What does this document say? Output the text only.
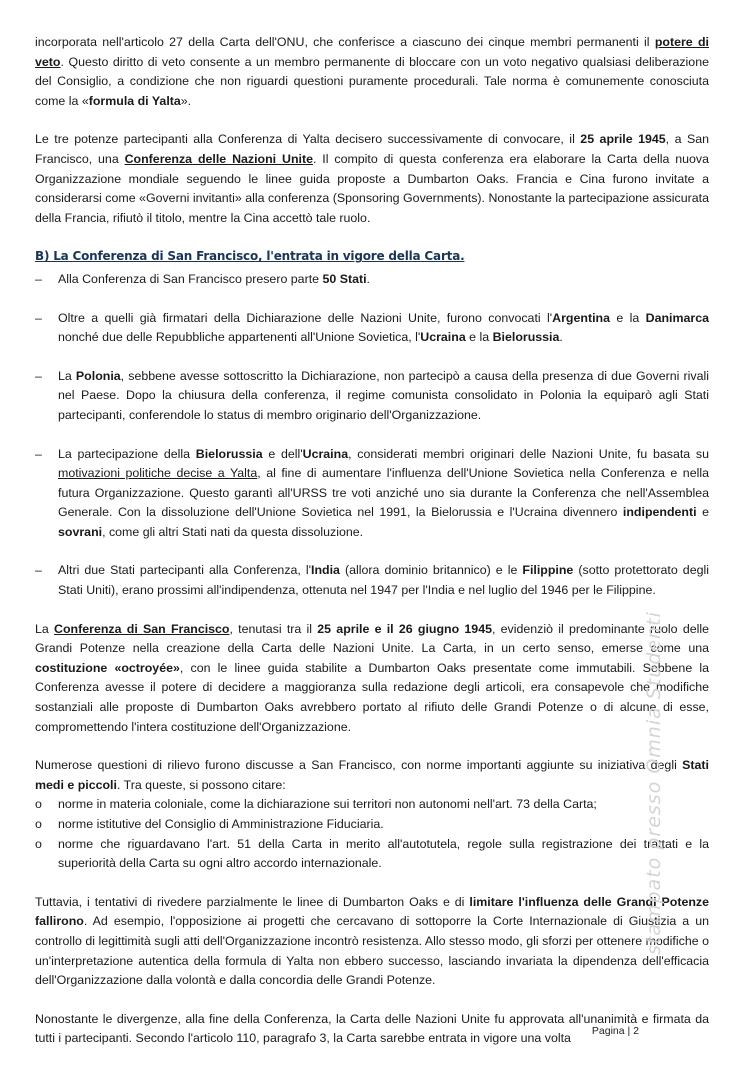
incorporata nell'articolo 27 della Carta dell'ONU, che conferisce a ciascuno dei cinque membri permanenti il potere di veto. Questo diritto di veto consente a un membro permanente di bloccare con un voto negativo qualsiasi deliberazione del Consiglio, a condizione che non riguardi questioni puramente procedurali. Tale norma è comunemente conosciuta come la «formula di Yalta».

Le tre potenze partecipanti alla Conferenza di Yalta decisero successivamente di convocare, il 25 aprile 1945, a San Francisco, una Conferenza delle Nazioni Unite. Il compito di questa conferenza era elaborare la Carta della nuova Organizzazione mondiale seguendo le linee guida proposte a Dumbarton Oaks. Francia e Cina furono invitate a considerarsi come «Governi invitanti» alla conferenza (Sponsoring Governments). Nonostante la partecipazione assicurata della Francia, rifiutò il titolo, mentre la Cina accettò tale ruolo.

B) La Conferenza di San Francisco, l'entrata in vigore della Carta.
– Alla Conferenza di San Francisco presero parte 50 Stati.
– Oltre a quelli già firmatari della Dichiarazione delle Nazioni Unite, furono convocati l'Argentina e la Danimarca nonché due delle Repubbliche appartenenti all'Unione Sovietica, l'Ucraina e la Bielorussia.
– La Polonia, sebbene avesse sottoscritto la Dichiarazione, non partecipò a causa della presenza di due Governi rivali nel Paese. Dopo la chiusura della conferenza, il regime comunista consolidato in Polonia la equiparò agli Stati partecipanti, conferendole lo status di membro originario dell'Organizzazione.
– La partecipazione della Bielorussia e dell'Ucraina, considerati membri originari delle Nazioni Unite, fu basata su motivazioni politiche decise a Yalta, al fine di aumentare l'influenza dell'Unione Sovietica nella Conferenza e nella futura Organizzazione. Questo garantì all'URSS tre voti anziché uno sia durante la Conferenza che nell'Assemblea Generale. Con la dissoluzione dell'Unione Sovietica nel 1991, la Bielorussia e l'Ucraina divennero indipendenti e sovrani, come gli altri Stati nati da questa dissoluzione.
– Altri due Stati partecipanti alla Conferenza, l'India (allora dominio britannico) e le Filippine (sotto protettorato degli Stati Uniti), erano prossimi all'indipendenza, ottenuta nel 1947 per l'India e nel luglio del 1946 per le Filippine.

La Conferenza di San Francisco, tenutasi tra il 25 aprile e il 26 giugno 1945, evidenziò il predominante ruolo delle Grandi Potenze nella creazione della Carta delle Nazioni Unite. La Carta, in un certo senso, emerse come una costituzione «octroyée», con le linee guida stabilite a Dumbarton Oaks presentate come immutabili. Sebbene la Conferenza avesse il potere di decidere a maggioranza sulla redazione degli articoli, era consapevole che modifiche sostanziali alle proposte di Dumbarton Oaks avrebbero portato al rifiuto delle Grandi Potenze o di alcune di esse, compromettendo l'intera costituzione dell'Organizzazione.

Numerose questioni di rilievo furono discusse a San Francisco, con norme importanti aggiunte su iniziativa degli Stati medi e piccoli. Tra queste, si possono citare:

o norme in materia coloniale, come la dichiarazione sui territori non autonomi nell'art. 73 della Carta;
o norme istitutive del Consiglio di Amministrazione Fiduciaria.
o norme che riguardavano l'art. 51 della Carta in merito all'autotutela, regole sulla registrazione dei trattati e la superiorità della Carta su ogni altro accordo internazionale.

Tuttavia, i tentativi di rivedere parzialmente le linee di Dumbarton Oaks e di limitare l'influenza delle Grandi Potenze fallirono. Ad esempio, l'opposizione ai progetti che cercavano di sottoporre la Corte Internazionale di Giustizia a un controllo di legittimità sugli atti dell'Organizzazione incontrò resistenza. Allo stesso modo, gli sforzi per ottenere modifiche o un'interpretazione autentica della formula di Yalta non ebbero successo, lasciando invariata la dipendenza dell'efficacia dell'Organizzazione dalla volontà e dalla concordia delle Grandi Potenze.

Nonostante le divergenze, alla fine della Conferenza, la Carta delle Nazioni Unite fu approvata all'unanimità e firmata da tutti i partecipanti. Secondo l'articolo 110, paragrafo 3, la Carta sarebbe entrata in vigore una volta

stampato presso Omnia Studenti
Pagina | 2
